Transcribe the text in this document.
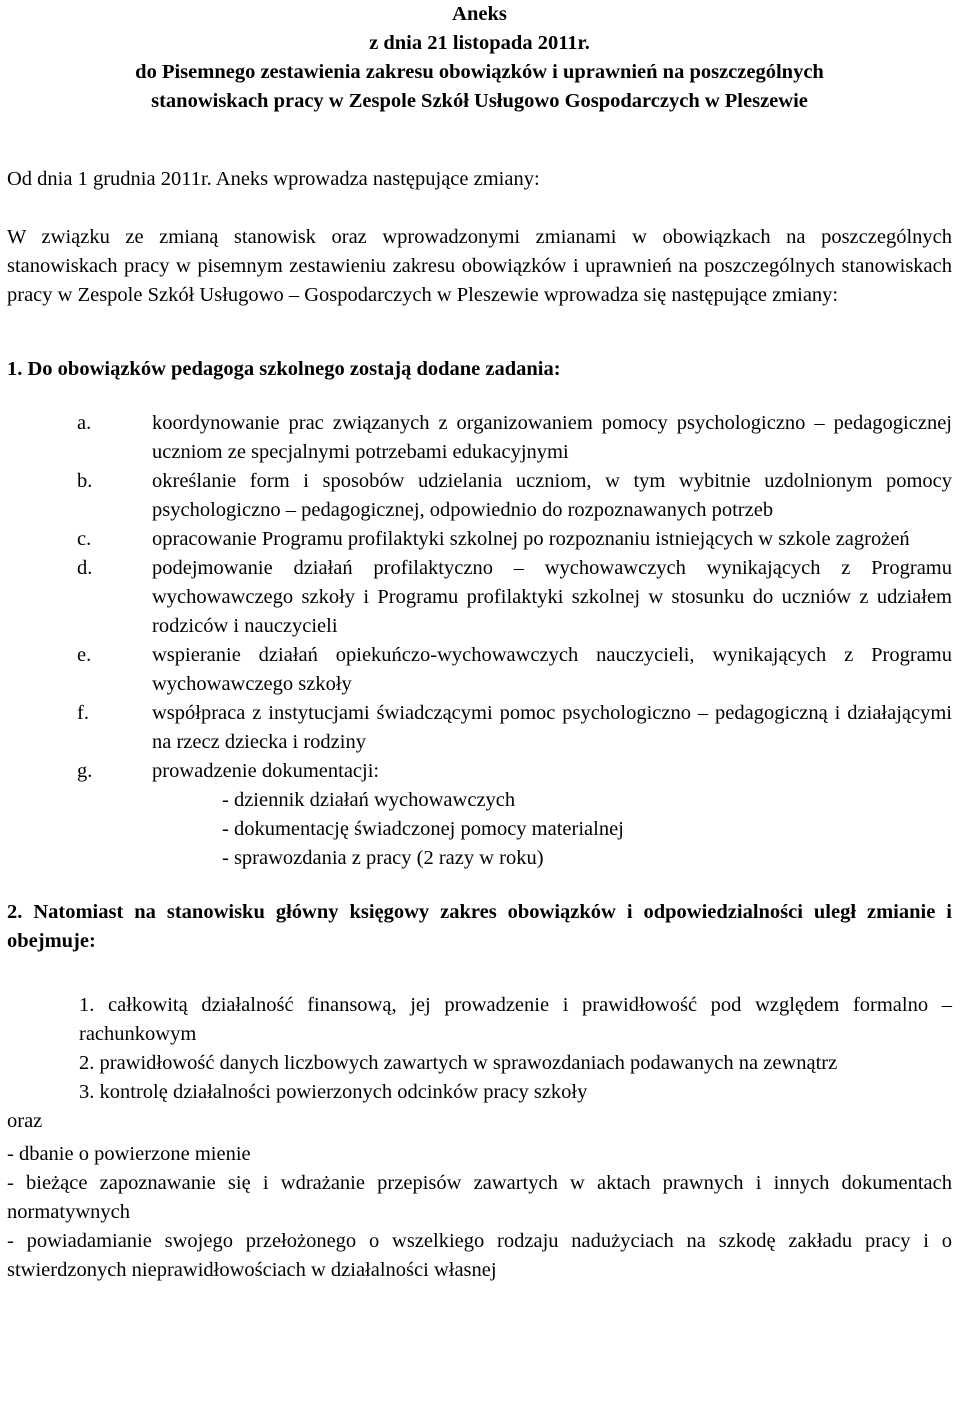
Aneks
z dnia 21 listopada 2011r.
do Pisemnego zestawienia zakresu obowiązków i uprawnień na poszczególnych
stanowiskach pracy w Zespole Szkół Usługowo Gospodarczych w Pleszewie
Od dnia 1 grudnia 2011r. Aneks wprowadza następujące zmiany:
W związku ze zmianą stanowisk oraz wprowadzonymi zmianami w obowiązkach na poszczególnych stanowiskach pracy w pisemnym zestawieniu zakresu obowiązków i uprawnień na poszczególnych stanowiskach pracy w Zespole Szkół Usługowo – Gospodarczych w Pleszewie wprowadza się następujące zmiany:
1. Do obowiązków pedagoga szkolnego zostają dodane zadania:
a.	koordynowanie prac związanych z organizowaniem pomocy psychologiczno – pedagogicznej uczniom ze specjalnymi potrzebami edukacyjnymi
b.	określanie form i sposobów udzielania uczniom, w tym wybitnie uzdolnionym pomocy psychologiczno – pedagogicznej, odpowiednio do rozpoznawanych potrzeb
c.	opracowanie Programu profilaktyki szkolnej po rozpoznaniu istniejących w szkole zagrożeń
d.	podejmowanie działań profilaktyczno – wychowawczych wynikających z Programu wychowawczego szkoły i Programu profilaktyki szkolnej w stosunku do uczniów z udziałem rodziców i nauczycieli
e.	wspieranie działań opiekuńczo-wychowawczych nauczycieli, wynikających z Programu wychowawczego szkoły
f.	współpraca z instytucjami świadczącymi pomoc psychologiczno – pedagogiczną i działającymi na rzecz dziecka i rodziny
g.	prowadzenie dokumentacji:
- dziennik działań wychowawczych
- dokumentację świadczonej pomocy materialnej
- sprawozdania z pracy (2 razy w roku)
2. Natomiast na stanowisku główny księgowy zakres obowiązków i odpowiedzialności uległ zmianie i obejmuje:
1. całkowitą działalność finansową, jej prowadzenie i prawidłowość pod względem formalno – rachunkowym
2. prawidłowość danych liczbowych zawartych w sprawozdaniach podawanych na zewnątrz
3. kontrolę działalności powierzonych odcinków pracy szkoły
oraz
- dbanie o powierzone mienie
- bieżące zapoznawanie się i wdrażanie przepisów zawartych w aktach prawnych i innych dokumentach normatywnych
- powiadamianie swojego przełożonego o wszelkiego rodzaju nadużyciach na szkodę zakładu pracy i o stwierdzonych nieprawidłowościach w działalności własnej
